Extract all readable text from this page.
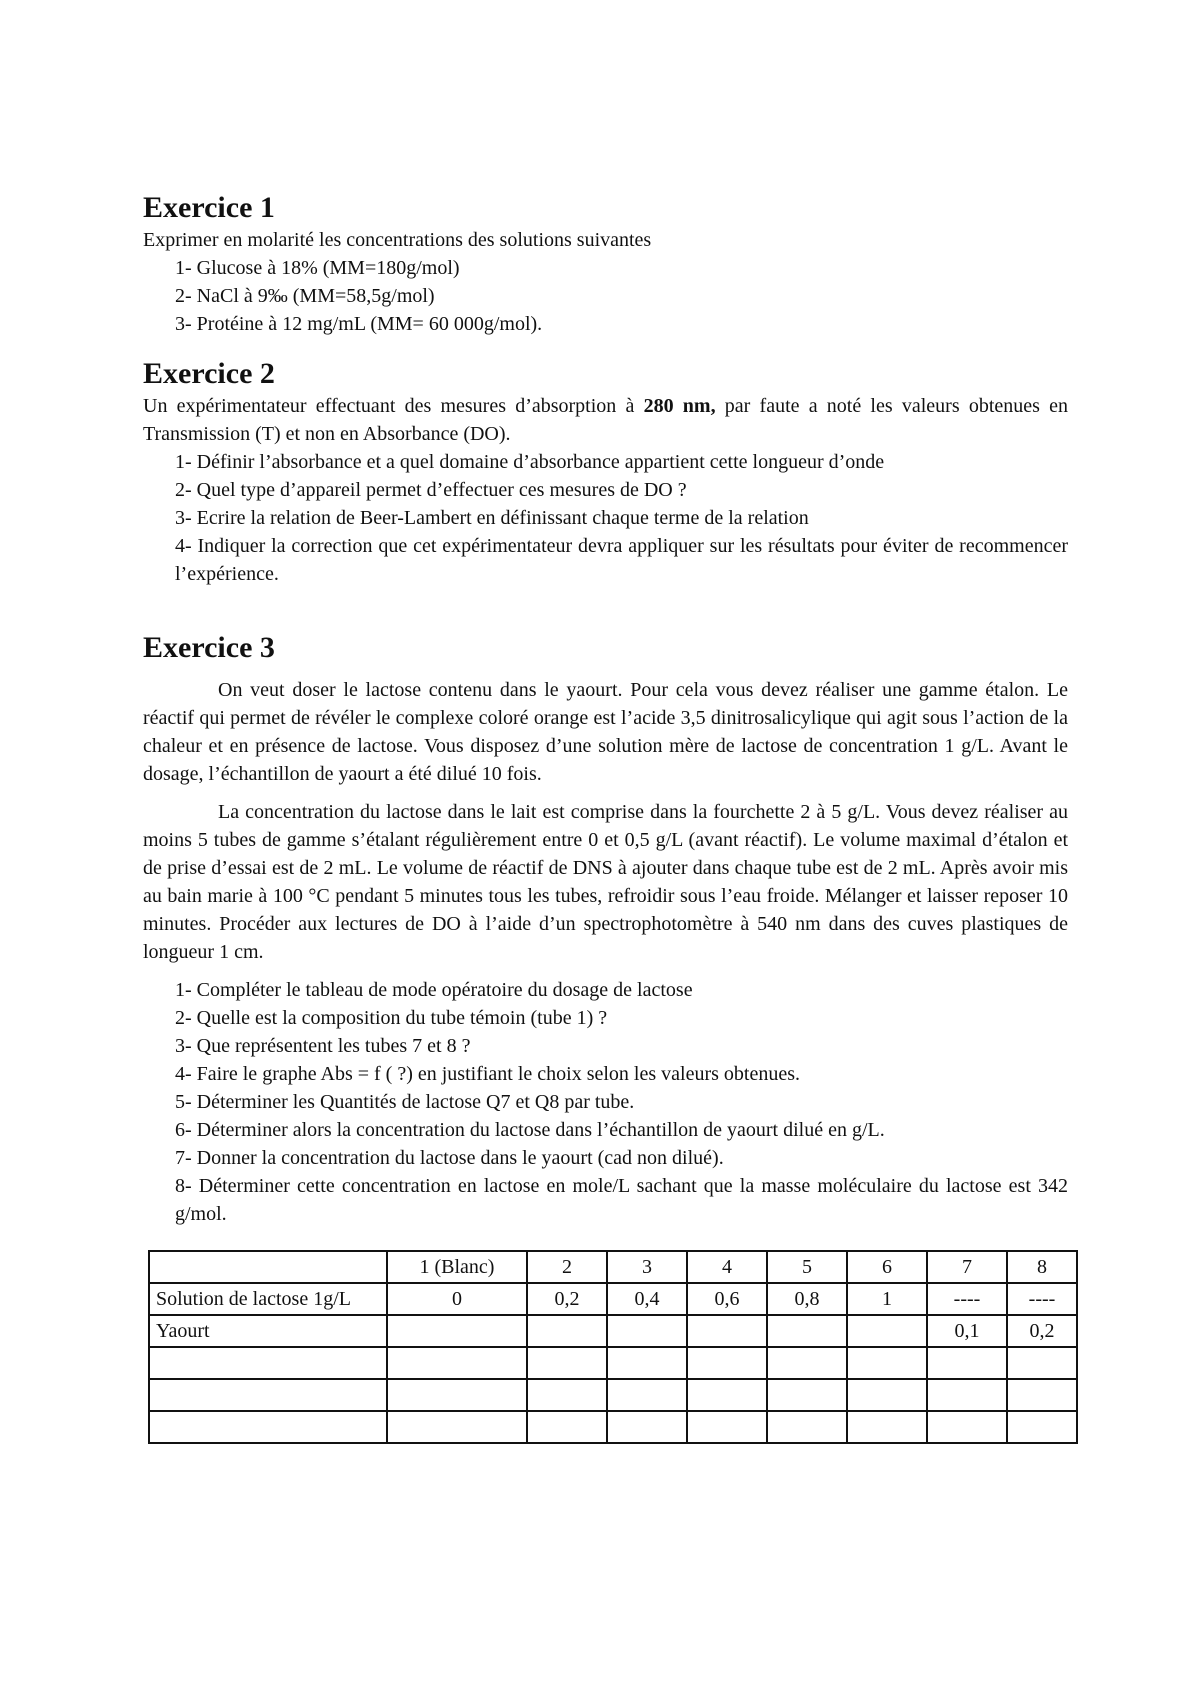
Exercice 1

Exprimer en molarité les concentrations des solutions suivantes

1- Glucose à 18% (MM=180g/mol)

2- NaCl à 9‰ (MM=58,5g/mol)

3- Protéine à 12 mg/mL (MM= 60 000g/mol).

Exercice 2

Un expérimentateur effectuant des mesures d’absorption à 280 nm, par faute a noté les valeurs obtenues en Transmission (T) et non en Absorbance (DO).

1- Définir l’absorbance et a quel domaine d’absorbance appartient cette longueur d’onde

2- Quel type d’appareil permet d’effectuer ces mesures de DO ?

3- Ecrire la relation de Beer-Lambert en définissant chaque terme de la relation

4- Indiquer la correction que cet expérimentateur devra appliquer sur les résultats pour éviter de recommencer l’expérience.

Exercice 3

On veut doser le lactose contenu dans le yaourt. Pour cela vous devez réaliser une gamme étalon. Le réactif qui permet de révéler le complexe coloré orange est l’acide 3,5 dinitrosalicylique qui agit sous l’action de la chaleur et en présence de lactose. Vous disposez d’une solution mère de lactose de concentration 1 g/L. Avant le dosage, l’échantillon de yaourt a été dilué 10 fois.

La concentration du lactose dans le lait est comprise dans la fourchette 2 à 5 g/L. Vous devez réaliser au moins 5 tubes de gamme s’étalant régulièrement entre 0 et 0,5 g/L (avant réactif). Le volume maximal d’étalon et de prise d’essai est de 2 mL. Le volume de réactif de DNS à ajouter dans chaque tube est de 2 mL. Après avoir mis au bain marie à 100 °C pendant 5 minutes tous les tubes, refroidir sous l’eau froide. Mélanger et laisser reposer 10 minutes. Procéder aux lectures de DO à l’aide d’un spectrophotomètre à 540 nm dans des cuves plastiques de longueur 1 cm.

1- Compléter le tableau de mode opératoire du dosage de lactose

2- Quelle est la composition du tube témoin (tube 1) ?

3- Que représentent les tubes 7 et 8 ?

4- Faire le graphe Abs = f ( ?) en justifiant le choix selon les valeurs obtenues.

5- Déterminer les Quantités de lactose Q7 et Q8 par tube.

6- Déterminer alors la concentration du lactose dans l’échantillon de yaourt dilué en g/L.

7- Donner la concentration du lactose dans le yaourt (cad non dilué).

8- Déterminer cette concentration en lactose en mole/L sachant que la masse moléculaire du lactose est 342 g/mol.

	1 (Blanc)	2	3	4	5	6	7	8
Solution de lactose 1g/L	0	0,2	0,4	0,6	0,8	1	----	----
Yaourt							0,1	0,2
